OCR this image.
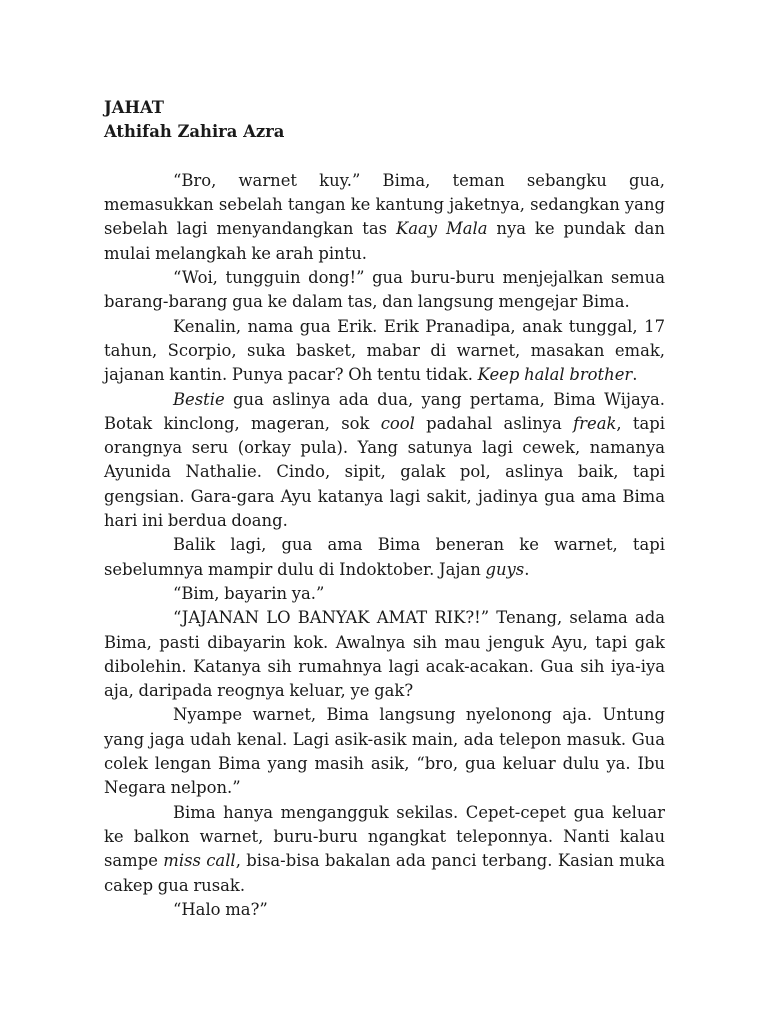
JAHAT
Athifah Zahira Azra

“Bro, warnet kuy.” Bima, teman sebangku gua, memasukkan sebelah tangan ke kantung jaketnya, sedangkan yang sebelah lagi menyandangkan tas Kaay Mala nya ke pundak dan mulai melangkah ke arah pintu.

“Woi, tungguin dong!” gua buru-buru menjejalkan semua barang-barang gua ke dalam tas, dan langsung mengejar Bima.

Kenalin, nama gua Erik. Erik Pranadipa, anak tunggal, 17 tahun, Scorpio, suka basket, mabar di warnet, masakan emak, jajanan kantin. Punya pacar? Oh tentu tidak. Keep halal brother.

Bestie gua aslinya ada dua, yang pertama, Bima Wijaya. Botak kinclong, mageran, sok cool padahal aslinya freak, tapi orangnya seru (orkay pula). Yang satunya lagi cewek, namanya Ayunida Nathalie. Cindo, sipit, galak pol, aslinya baik, tapi gengsian. Gara-gara Ayu katanya lagi sakit, jadinya gua ama Bima hari ini berdua doang.

Balik lagi, gua ama Bima beneran ke warnet, tapi sebelumnya mampir dulu di Indoktober. Jajan guys.

“Bim, bayarin ya.”

“JAJANAN LO BANYAK AMAT RIK?!” Tenang, selama ada Bima, pasti dibayarin kok. Awalnya sih mau jenguk Ayu, tapi gak dibolehin. Katanya sih rumahnya lagi acak-acakan. Gua sih iya-iya aja, daripada reognya keluar, ye gak?

Nyampe warnet, Bima langsung nyelonong aja. Untung yang jaga udah kenal. Lagi asik-asik main, ada telepon masuk. Gua colek lengan Bima yang masih asik, “bro, gua keluar dulu ya. Ibu Negara nelpon.”

Bima hanya mengangguk sekilas. Cepet-cepet gua keluar ke balkon warnet, buru-buru ngangkat teleponnya. Nanti kalau sampe miss call, bisa-bisa bakalan ada panci terbang. Kasian muka cakep gua rusak.

“Halo ma?”
